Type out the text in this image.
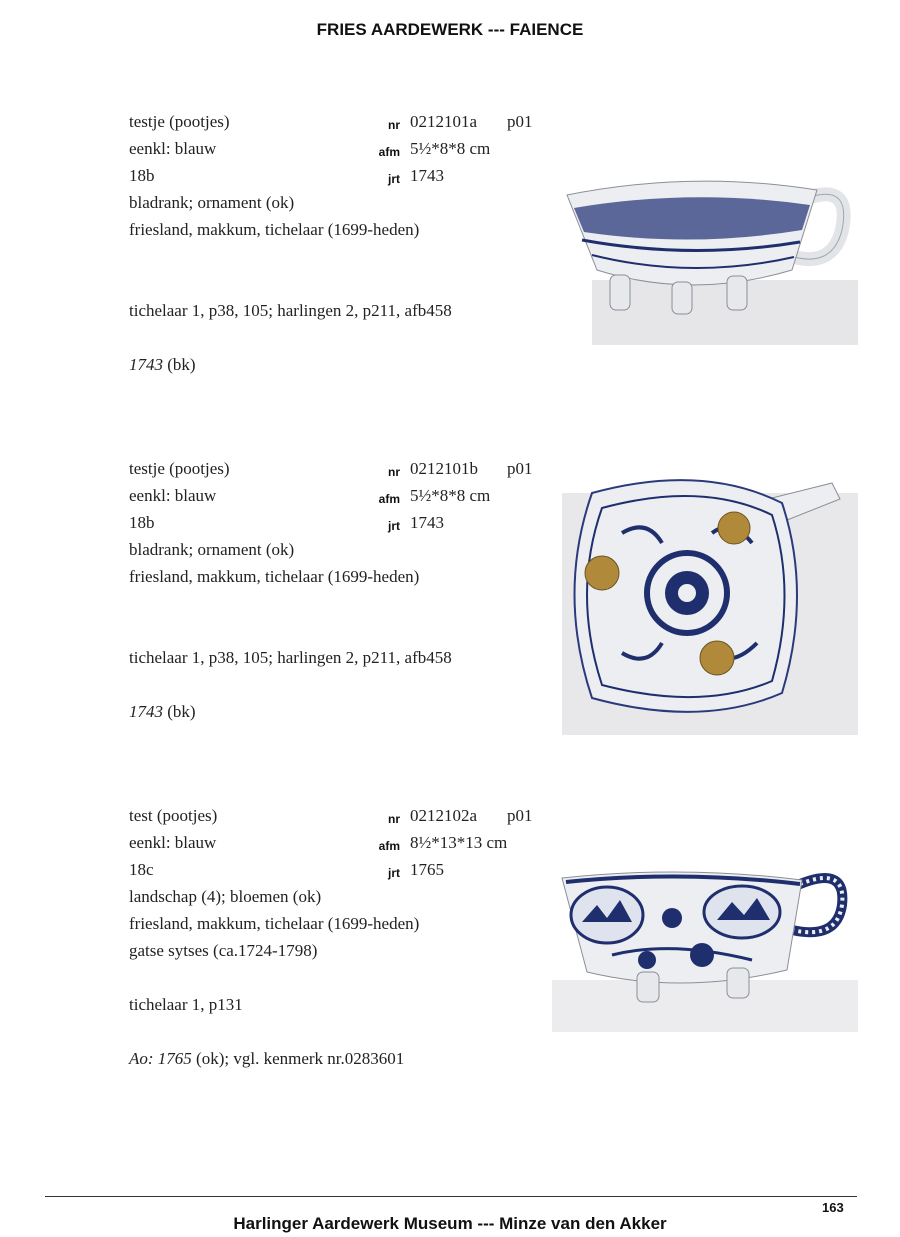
FRIES AARDEWERK --- FAIENCE
testje (pootjes)	nr 0212101a p01
eenkl: blauw	afm 5½*8*8 cm
18b	jrt 1743
bladrank; ornament (ok)
friesland, makkum, tichelaar (1699-heden)
tichelaar 1, p38, 105; harlingen 2, p211, afb458
1743 (bk)
testje (pootjes)	nr 0212101b p01
eenkl: blauw	afm 5½*8*8 cm
18b	jrt 1743
bladrank; ornament (ok)
friesland, makkum, tichelaar (1699-heden)
tichelaar 1, p38, 105; harlingen 2, p211, afb458
1743 (bk)
test (pootjes)	nr 0212102a p01
eenkl: blauw	afm 8½*13*13 cm
18c	jrt 1765
landschap (4); bloemen (ok)
friesland, makkum, tichelaar (1699-heden)
gatse sytses (ca.1724-1798)
tichelaar 1, p131
Ao: 1765 (ok); vgl. kenmerk nr.0283601
163
Harlinger Aardewerk Museum --- Minze van den Akker
